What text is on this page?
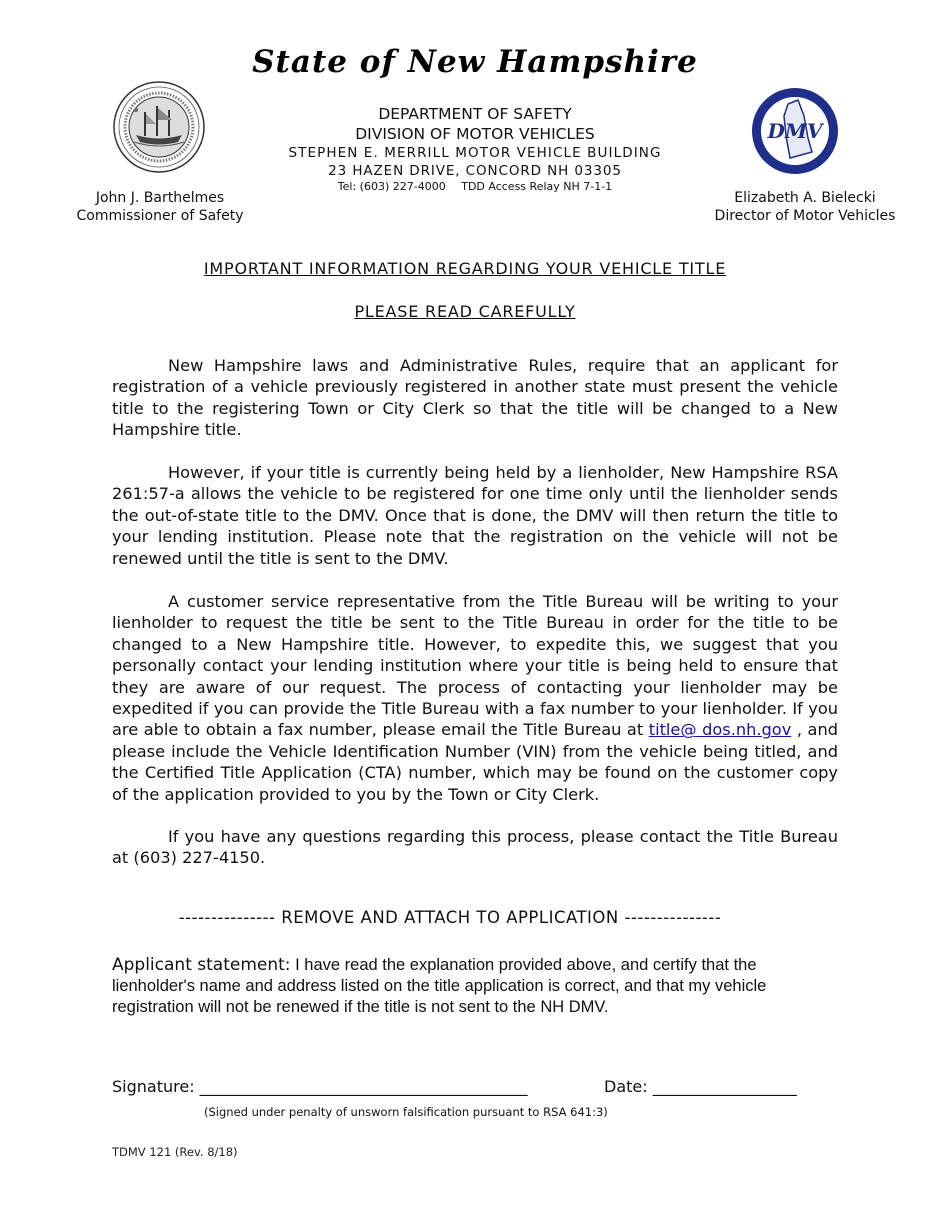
State of New Hampshire
DMV
DEPARTMENT OF SAFETY
DIVISION OF MOTOR VEHICLES
STEPHEN E. MERRILL MOTOR VEHICLE BUILDING
23 HAZEN DRIVE, CONCORD NH 03305
Tel: (603) 227-4000 TDD Access Relay NH 7-1-1
John J. Barthelmes
Commissioner of Safety
Elizabeth A. Bielecki
Director of Motor Vehicles
IMPORTANT INFORMATION REGARDING YOUR VEHICLE TITLE
PLEASE READ CAREFULLY
New Hampshire laws and Administrative Rules, require that an applicant for registration of a vehicle previously registered in another state must present the vehicle title to the registering Town or City Clerk so that the title will be changed to a New Hampshire title.
However, if your title is currently being held by a lienholder, New Hampshire RSA 261:57-a allows the vehicle to be registered for one time only until the lienholder sends the out-of-state title to the DMV. Once that is done, the DMV will then return the title to your lending institution. Please note that the registration on the vehicle will not be renewed until the title is sent to the DMV.
A customer service representative from the Title Bureau will be writing to your lienholder to request the title be sent to the Title Bureau in order for the title to be changed to a New Hampshire title. However, to expedite this, we suggest that you personally contact your lending institution where your title is being held to ensure that they are aware of our request. The process of contacting your lienholder may be expedited if you can provide the Title Bureau with a fax number to your lienholder. If you are able to obtain a fax number, please email the Title Bureau at title@ dos.nh.gov , and please include the Vehicle Identification Number (VIN) from the vehicle being titled, and the Certified Title Application (CTA) number, which may be found on the customer copy of the application provided to you by the Town or City Clerk.
If you have any questions regarding this process, please contact the Title Bureau at (603) 227-4150.
--------------- REMOVE AND ATTACH TO APPLICATION ---------------
Applicant statement: I have read the explanation provided above, and certify that the lienholder's name and address listed on the title application is correct, and that my vehicle registration will not be renewed if the title is not sent to the NH DMV.
Signature: _________________________________________	Date: __________________
(Signed under penalty of unsworn falsification pursuant to RSA 641:3)
TDMV 121 (Rev. 8/18)
